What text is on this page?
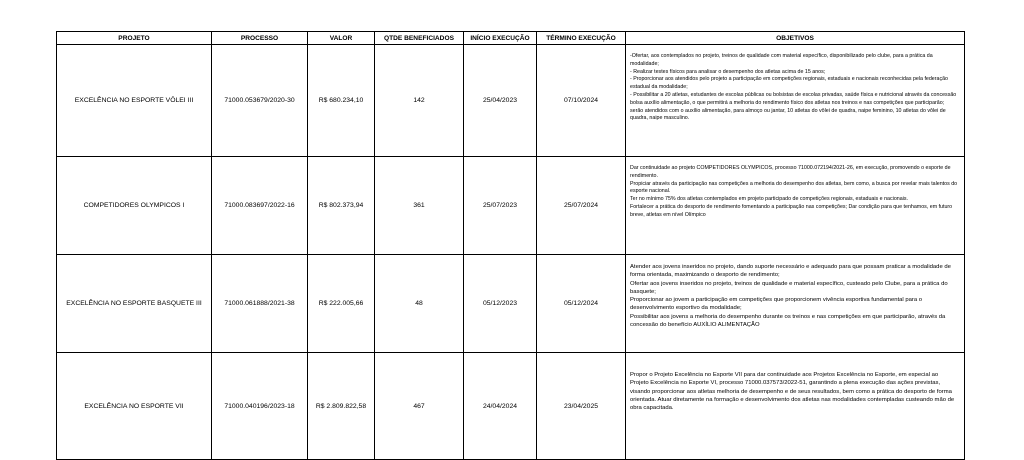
PROJETO	PROCESSO	VALOR	QTDE BENEFICIADOS	INÍCIO EXECUÇÃO	TÉRMINO EXECUÇÃO	OBJETIVOS
EXCELÊNCIA NO ESPORTE VÔLEI III	71000.053679/2020-30	R$ 680.234,10	142	25/04/2023	07/10/2024	-Ofertar, aos contemplados no projeto, treinos de qualidade com material específico, disponibilizado pelo clube, para a prática da modalidade;
- Realizar testes físicos para analisar o desempenho dos atletas acima de 15 anos;
- Proporcionar aos atendidos pelo projeto a participação em competições regionais, estaduais e nacionais reconhecidas pela federação estadual da modalidade;
- Possibilitar a 20 atletas, estudantes de escolas públicas ou bolsistas de escolas privadas, saúde física e nutricional através da concessão bolsa auxílio alimentação, o que permitirá a melhoria do rendimento físico dos atletas nos treinos e nas competições que participarão; serão atendidos com o auxílio alimentação, para almoço ou jantar, 10 atletas do vôlei de quadra, naipe feminino, 10 atletas do vôlei de quadra, naipe masculino.

COMPETIDORES OLYMPICOS I	71000.083697/2022-16	R$ 802.373,94	361	25/07/2023	25/07/2024	Dar continuidade ao projeto COMPETIDORES OLYMPICOS, processo 71000.072194/2021-26, em execução, promovendo o esporte de rendimento.
Propiciar através da participação nas competições a melhoria do desempenho dos atletas, bem como, a busca por revelar mais talentos do esporte nacional.
Ter no mínimo 75% dos atletas contemplados em projeto participado de competições regionais, estaduais e nacionais.
Fortalecer a prática do desporto de rendimento fomentando a participação nas competições; Dar condição para que tenhamos, em futuro breve, atletas em nível Olímpico

EXCELÊNCIA NO ESPORTE BASQUETE III	71000.061888/2021-38	R$ 222.005,66	48	05/12/2023	05/12/2024	Atender aos jovens inseridos no projeto, dando suporte necessário e adequado para que possam praticar a modalidade de forma orientada, maximizando o desporto de rendimento;
Ofertar aos jovens inseridos no projeto, treinos de qualidade e material específico, custeado pelo Clube, para a prática do basquete;
Proporcionar ao jovem a participação em competições que proporcionem vivência esportiva fundamental para o desenvolvimento esportivo da modalidade;
Possibilitar aos jovens a melhoria do desempenho durante os treinos e nas competições em que participarão, através da concessão do benefício AUXÍLIO ALIMENTAÇÃO

EXCELÊNCIA NO ESPORTE VII	71000.040196/2023-18	R$ 2.809.822,58	467	24/04/2024	23/04/2025	Propor o Projeto Excelência no Esporte VII para dar continuidade aos Projetos Excelência no Esporte, em especial ao Projeto Excelência no Esporte VI, processo 71000.037573/2022-51, garantindo a plena execução das ações previstas, visando proporcionar aos atletas melhoria de desempenho e de seus resultados, bem como a prática do desporto de forma orientada. Atuar diretamente na formação e desenvolvimento dos atletas nas modalidades contempladas custeando mão de obra capacitada.
